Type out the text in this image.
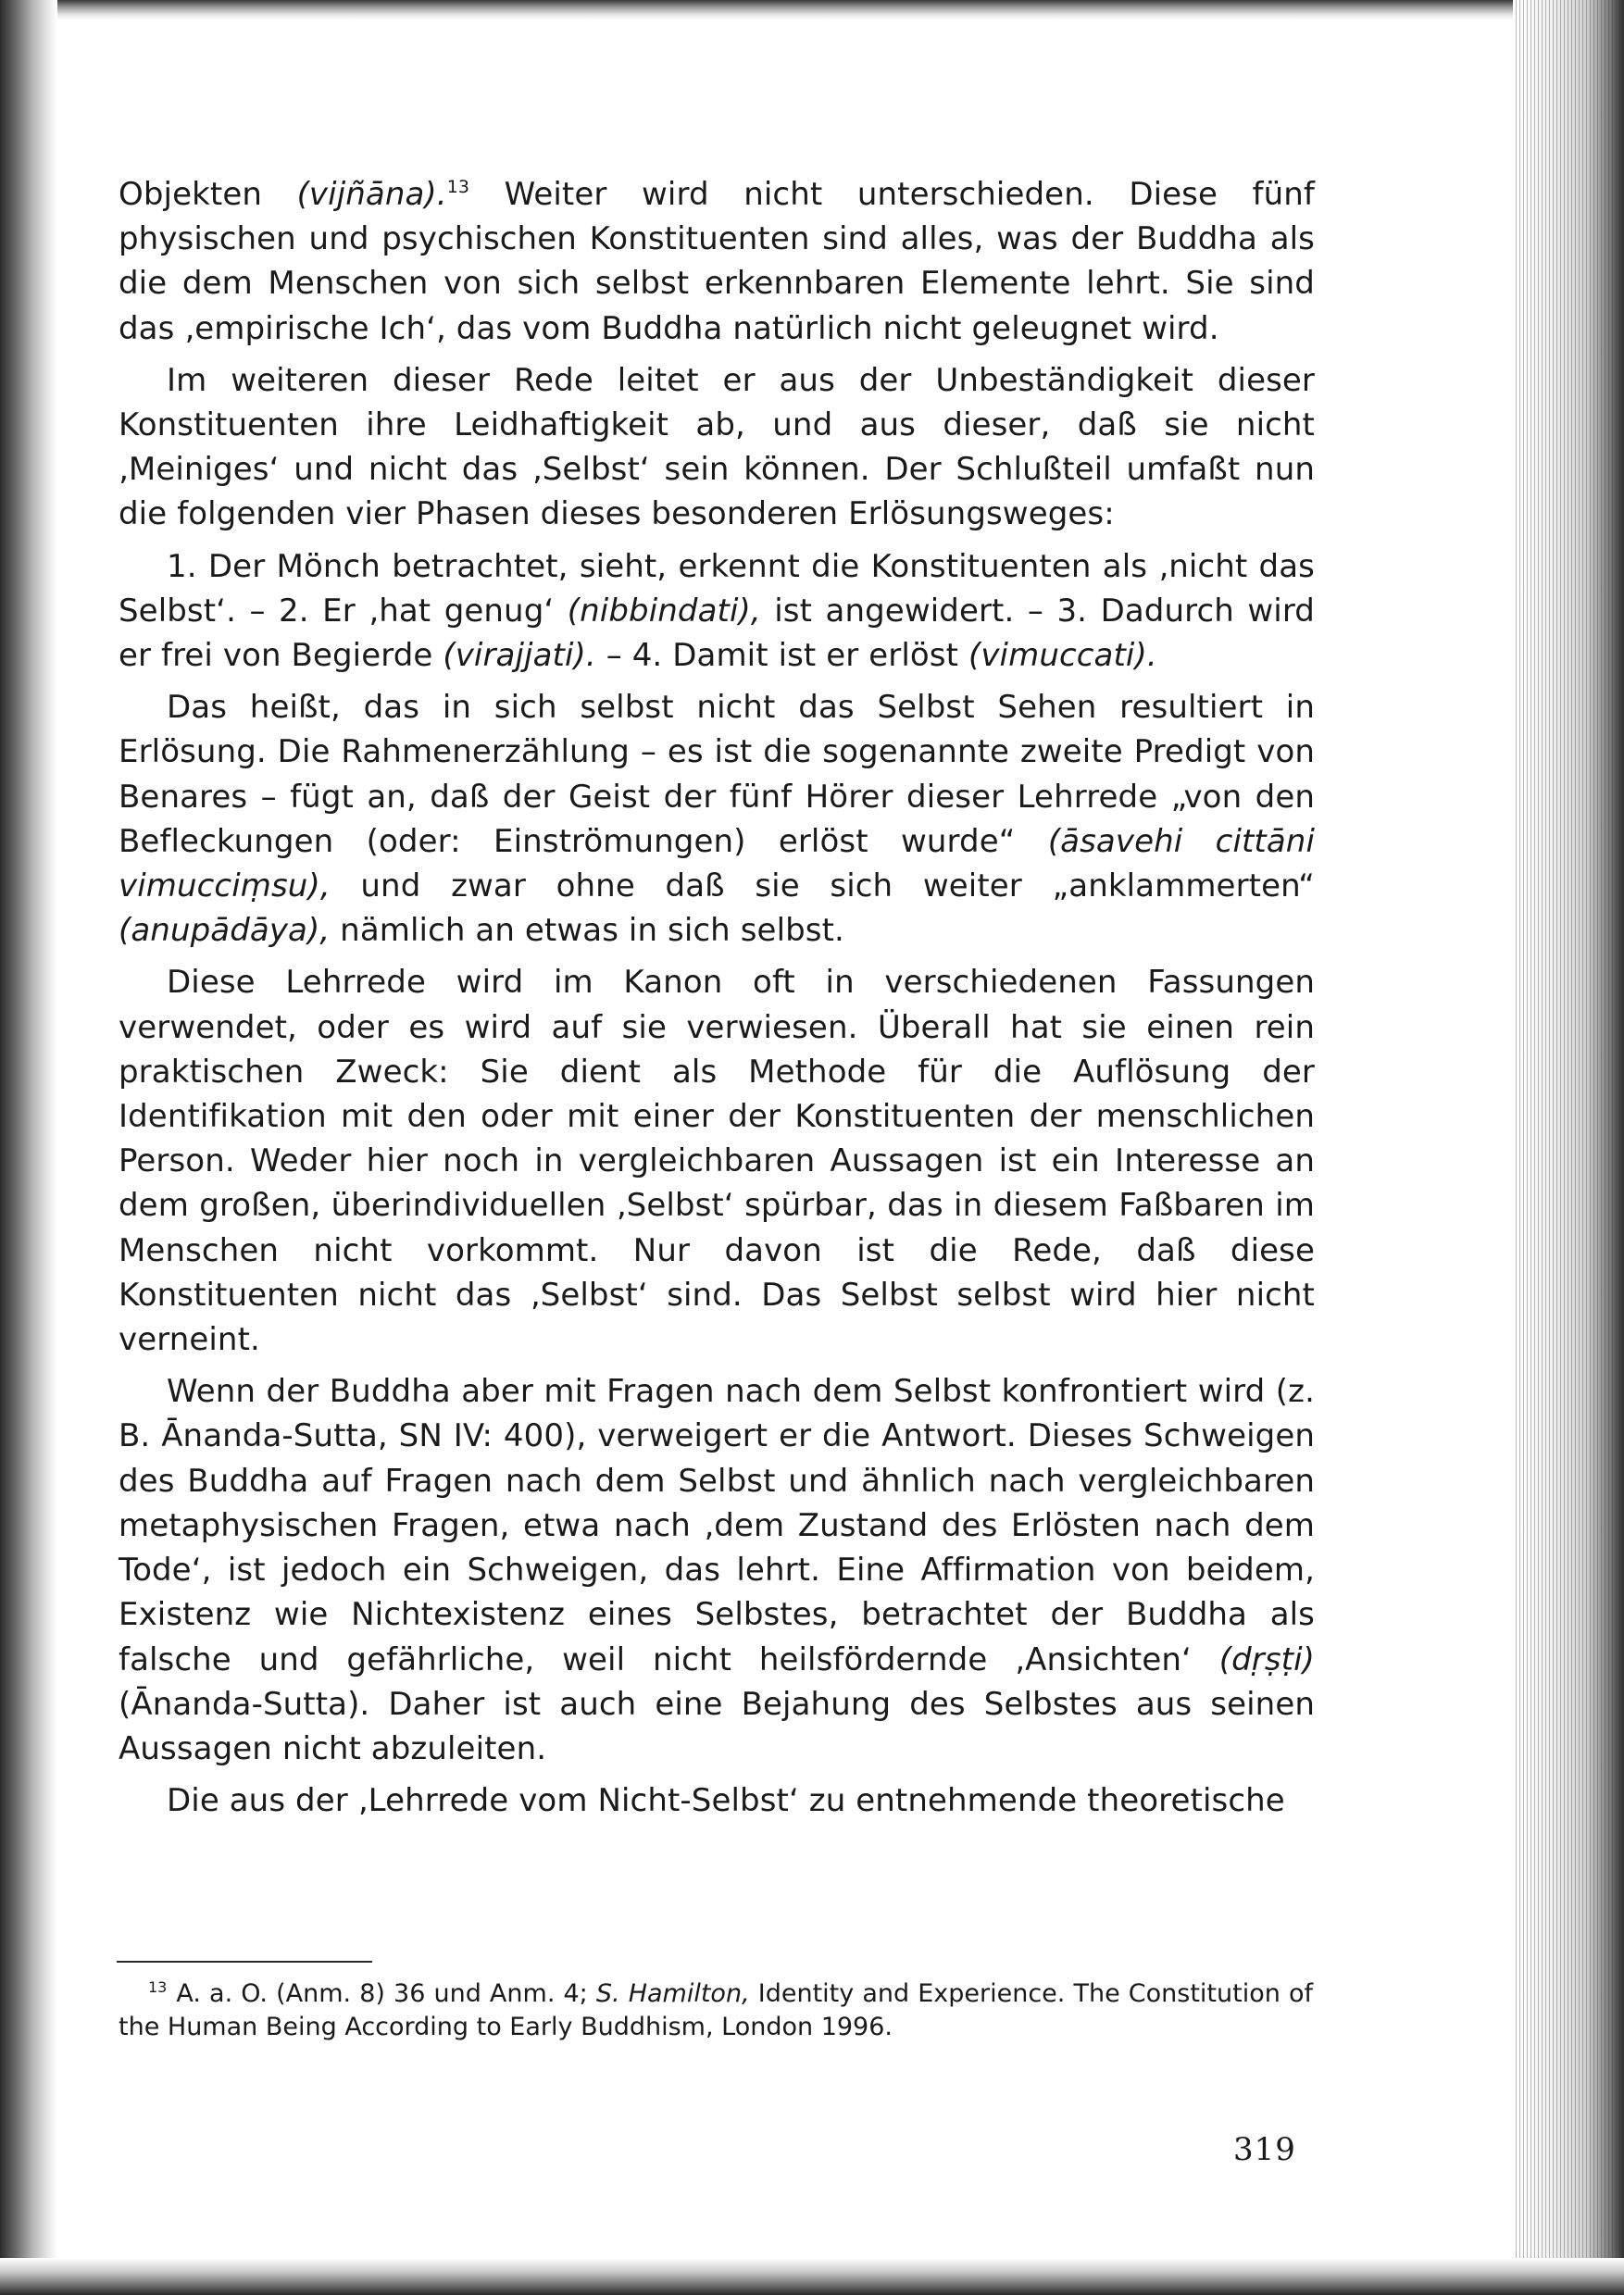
Objekten (vijñāna).$^{13}$ Weiter wird nicht unterschieden. Diese fünf physischen und psychischen Konstituenten sind alles, was der Buddha als die dem Menschen von sich selbst erkennbaren Elemente lehrt. Sie sind das ‚empirische Ich‘, das vom Buddha natürlich nicht geleugnet wird.

Im weiteren dieser Rede leitet er aus der Unbeständigkeit dieser Konstituenten ihre Leidhaftigkeit ab, und aus dieser, daß sie nicht ‚Meiniges‘ und nicht das ‚Selbst‘ sein können. Der Schlußteil umfaßt nun die folgenden vier Phasen dieses besonderen Erlösungsweges:

1. Der Mönch betrachtet, sieht, erkennt die Konstituenten als ‚nicht das Selbst‘. – 2. Er ‚hat genug‘ (nibbindati), ist angewidert. – 3. Dadurch wird er frei von Begierde (virajjati). – 4. Damit ist er erlöst (vimuccati).

Das heißt, das in sich selbst nicht das Selbst Sehen resultiert in Erlösung. Die Rahmenerzählung – es ist die sogenannte zweite Predigt von Benares – fügt an, daß der Geist der fünf Hörer dieser Lehrrede „von den Befleckungen (oder: Einströmungen) erlöst wurde“ (āsavehi cittāni vimucciṃsu), und zwar ohne daß sie sich weiter „anklammerten“ (anupādāya), nämlich an etwas in sich selbst.

Diese Lehrrede wird im Kanon oft in verschiedenen Fassungen verwendet, oder es wird auf sie verwiesen. Überall hat sie einen rein praktischen Zweck: Sie dient als Methode für die Auflösung der Identifikation mit den oder mit einer der Konstituenten der menschlichen Person. Weder hier noch in vergleichbaren Aussagen ist ein Interesse an dem großen, überindividuellen ‚Selbst‘ spürbar, das in diesem Faßbaren im Menschen nicht vorkommt. Nur davon ist die Rede, daß diese Konstituenten nicht das ‚Selbst‘ sind. Das Selbst selbst wird hier nicht verneint.

Wenn der Buddha aber mit Fragen nach dem Selbst konfrontiert wird (z. B. Ānanda-Sutta, SN IV: 400), verweigert er die Antwort. Dieses Schweigen des Buddha auf Fragen nach dem Selbst und ähnlich nach vergleichbaren metaphysischen Fragen, etwa nach ‚dem Zustand des Erlösten nach dem Tode‘, ist jedoch ein Schweigen, das lehrt. Eine Affirmation von beidem, Existenz wie Nichtexistenz eines Selbstes, betrachtet der Buddha als falsche und gefährliche, weil nicht heilsfördernde ‚Ansichten‘ (dṛṣṭi) (Ānanda-Sutta). Daher ist auch eine Bejahung des Selbstes aus seinen Aussagen nicht abzuleiten.

Die aus der ‚Lehrrede vom Nicht-Selbst‘ zu entnehmende theoretische

$^{13}$ A. a. O. (Anm. 8) 36 und Anm. 4; S. Hamilton, Identity and Experience. The Constitution of the Human Being According to Early Buddhism, London 1996.
319
